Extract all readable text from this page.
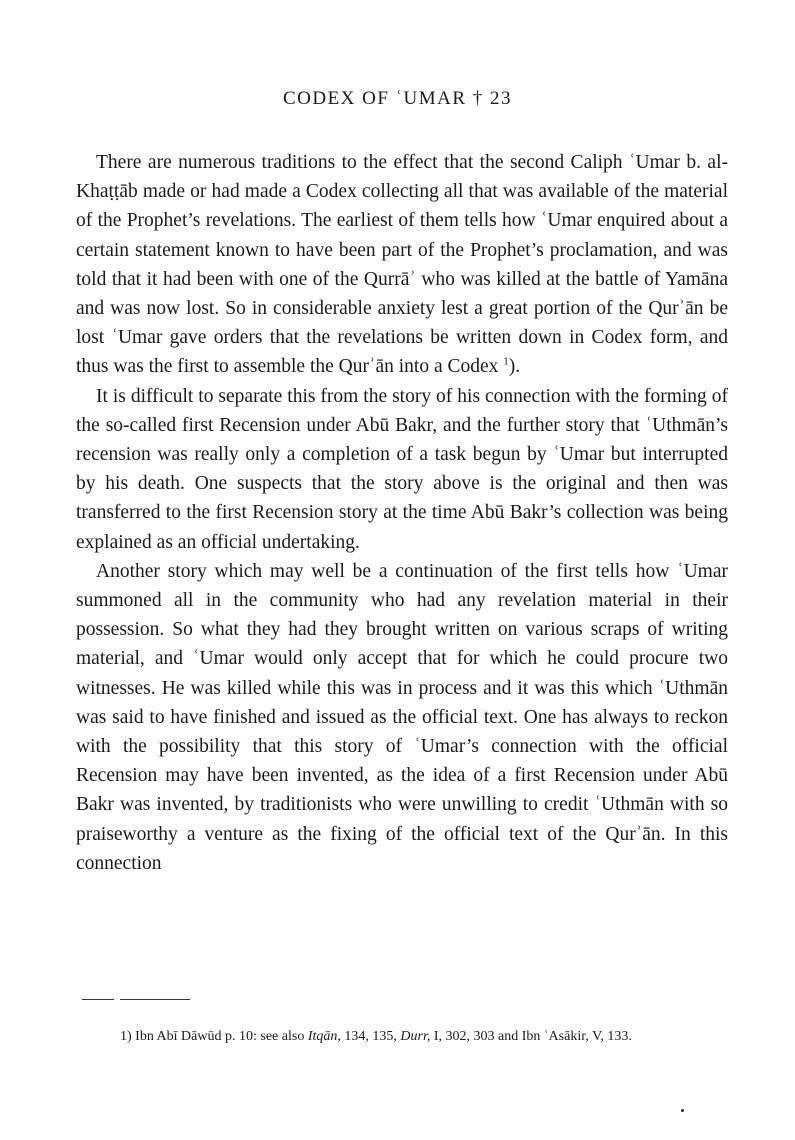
CODEX OF ʿUMAR † 23

There are numerous traditions to the effect that the second Caliph ʿUmar b. al-Khaṭṭāb made or had made a Codex collecting all that was available of the material of the Prophet’s revelations. The earliest of them tells how ʿUmar enquired about a certain statement known to have been part of the Prophet’s proclamation, and was told that it had been with one of the Qurrāʾ who was killed at the battle of Yamāna and was now lost. So in considerable anxiety lest a great portion of the Qurʾān be lost ʿUmar gave orders that the revelations be written down in Codex form, and thus was the first to assemble the Qurʾān into a Codex $^1$).

It is difficult to separate this from the story of his connection with the forming of the so-called first Recension under Abū Bakr, and the further story that ʿUthmān’s recension was really only a completion of a task begun by ʿUmar but interrupted by his death. One suspects that the story above is the original and then was transferred to the first Recension story at the time Abū Bakr’s collection was being explained as an official undertaking.

Another story which may well be a continuation of the first tells how ʿUmar summoned all in the community who had any revelation material in their possession. So what they had they brought written on various scraps of writing material, and ʿUmar would only accept that for which he could procure two witnesses. He was killed while this was in process and it was this which ʿUthmān was said to have finished and issued as the official text. One has always to reckon with the possibility that this story of ʿUmar’s connection with the official Recension may have been invented, as the idea of a first Recension under Abū Bakr was invented, by traditionists who were unwilling to credit ʿUthmān with so praiseworthy a venture as the fixing of the official text of the Qurʾān. In this connection

1) Ibn Abī Dāwūd p. 10: see also Itqān, 134, 135, Durr, I, 302, 303 and Ibn ʿAsākir, V, 133.
